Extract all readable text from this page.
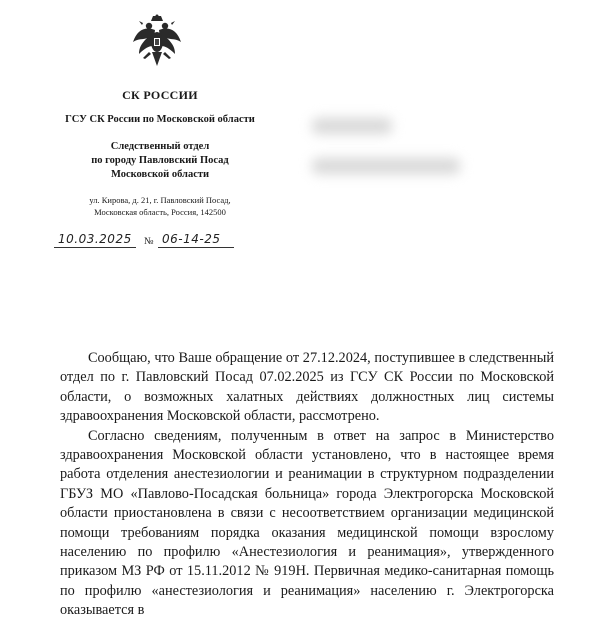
СК РОССИИ
ГСУ СК России по Московской области
Следственный отдел
по городу Павловский Посад
Московской области
ул. Кирова, д. 21, г. Павловский Посад,
Московская область, Россия, 142500
10.03.2025 № 06-14-25

Сообщаю, что Ваше обращение от 27.12.2024, поступившее в следственный отдел по г. Павловский Посад 07.02.2025 из ГСУ СК России по Московской области, о возможных халатных действиях должностных лиц системы здравоохранения Московской области, рассмотрено.

Согласно сведениям, полученным в ответ на запрос в Министерство здравоохранения Московской области установлено, что в настоящее время работа отделения анестезиологии и реанимации в структурном подразделении ГБУЗ МО «Павлово-Посадская больница» города Электрогорска Московской области приостановлена в связи с несоответствием организации медицинской помощи требованиям порядка оказания медицинской помощи взрослому населению по профилю «Анестезиология и реанимация», утвержденного приказом МЗ РФ от 15.11.2012 № 919Н. Первичная медико-санитарная помощь по профилю «анестезиология и реанимация» населению г. Электрогорска оказывается в
